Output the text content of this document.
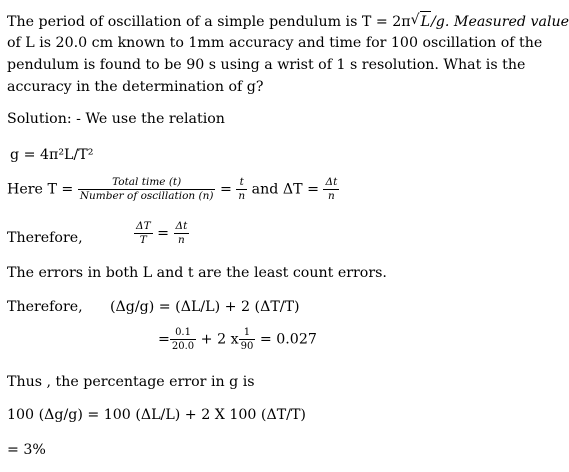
The period of oscillation of a simple pendulum is T = 2π √ L/g. Measured value
of L is 20.0 cm known to 1mm accuracy and time for 100 oscillation of the
pendulum is found to be 90 s using a wrist of 1 s resolution. What is the
accuracy in the determination of g?
Solution: - We use the relation
g = 4π²L/T²
Here $T = \frac{\text{Total time (t)}}{\text{Number of oscillation (n)}} = \frac{t}{n}$ and $\Delta T = \frac{\Delta t}{n}$
Therefore,	$\frac{\Delta T}{T} = \frac{\Delta t}{n}$
The errors in both L and t are the least count errors.
Therefore, (Δg/g) = (ΔL/L) + 2 (ΔT/T)
= $\frac{0.1}{20.0} + 2$ x $\frac{1}{90} = 0.027$
Thus , the percentage error in g is
100 (Δg/g) = 100 (ΔL/L) + 2 X 100 (ΔT/T)
= 3%
